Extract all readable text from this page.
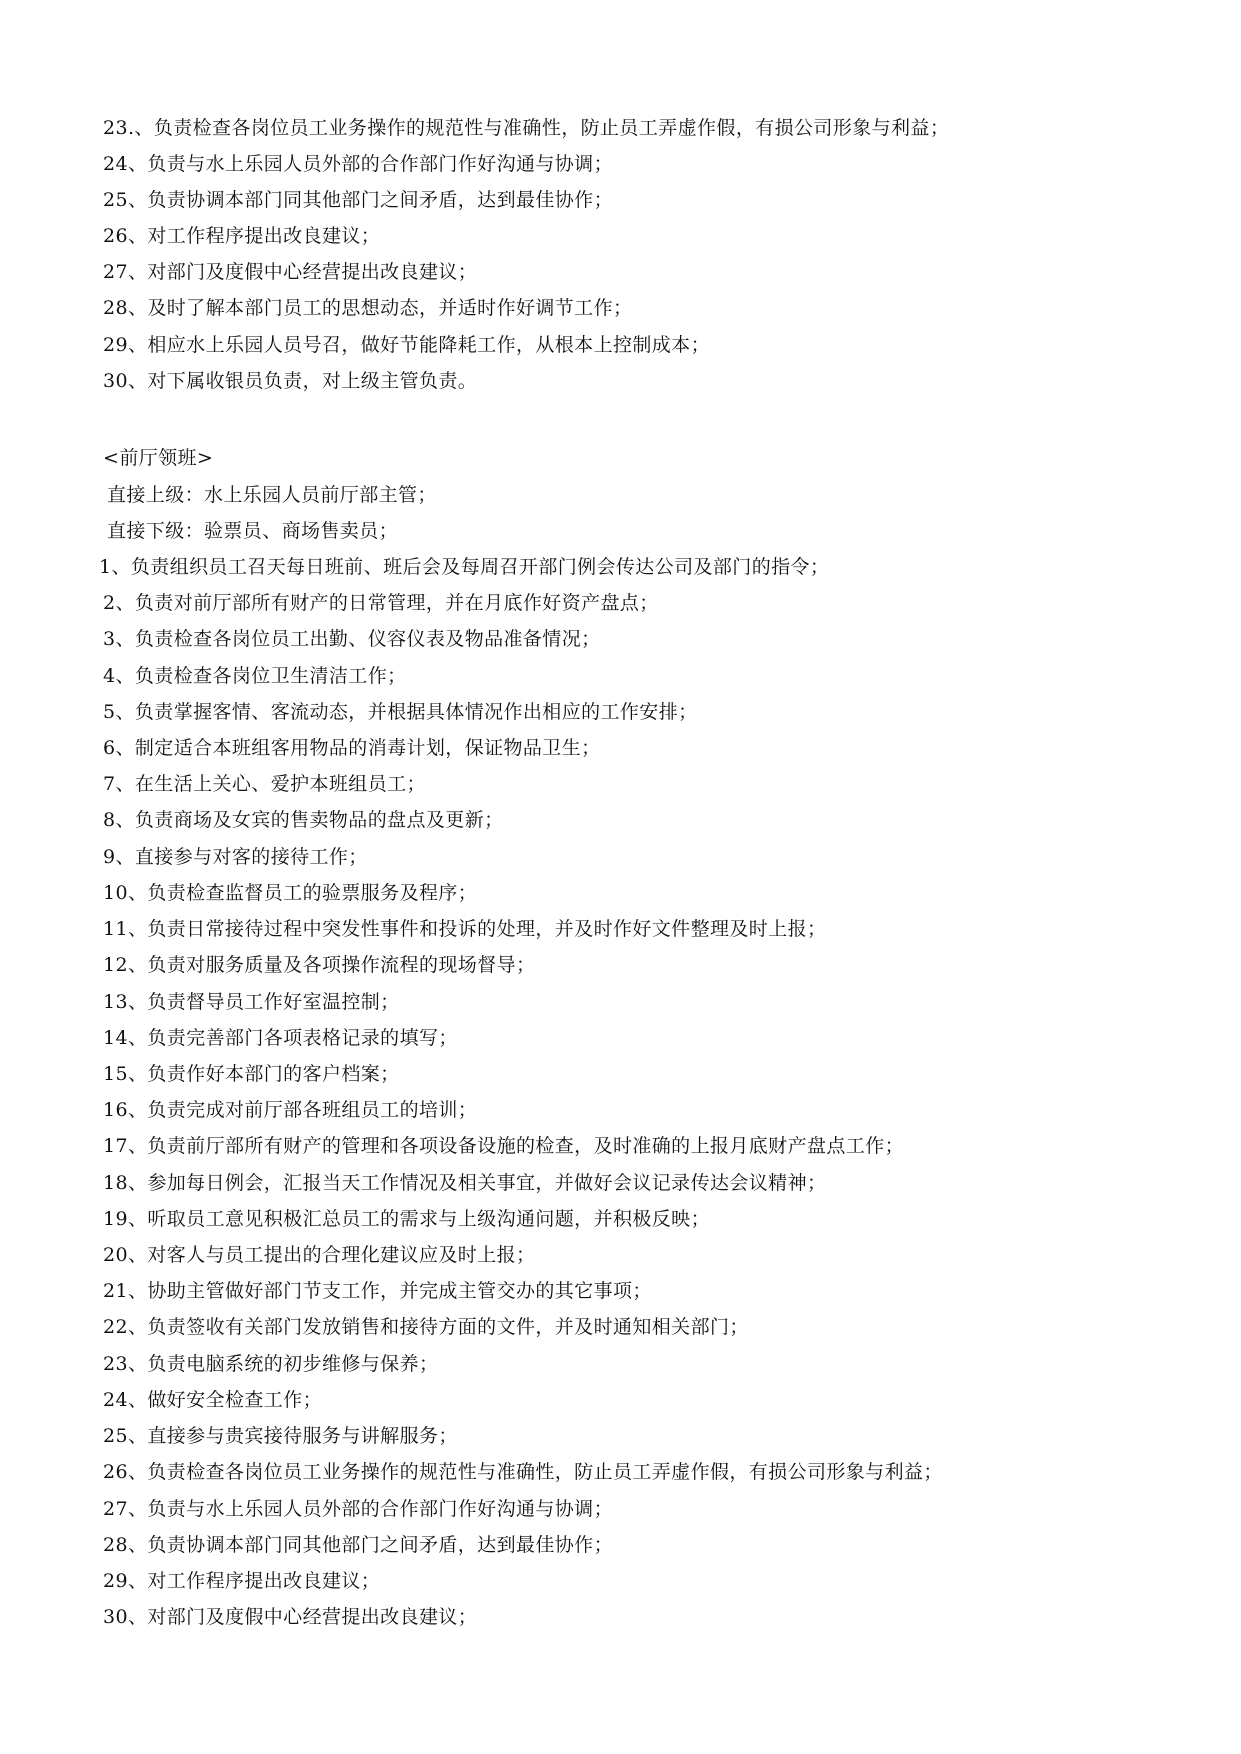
23.、负责检查各岗位员工业务操作的规范性与准确性，防止员工弄虚作假，有损公司形象与利益；
24、负责与水上乐园人员外部的合作部门作好沟通与协调；
25、负责协调本部门同其他部门之间矛盾，达到最佳协作；
26、对工作程序提出改良建议；
27、对部门及度假中心经营提出改良建议；
28、及时了解本部门员工的思想动态，并适时作好调节工作；
29、相应水上乐园人员号召，做好节能降耗工作，从根本上控制成本；
30、对下属收银员负责，对上级主管负责。
<前厅领班>
直接上级：水上乐园人员前厅部主管；
直接下级：验票员、商场售卖员；
1、负责组织员工召天每日班前、班后会及每周召开部门例会传达公司及部门的指令；
2、负责对前厅部所有财产的日常管理，并在月底作好资产盘点；
3、负责检查各岗位员工出勤、仪容仪表及物品准备情况；
4、负责检查各岗位卫生清洁工作；
5、负责掌握客情、客流动态，并根据具体情况作出相应的工作安排；
6、制定适合本班组客用物品的消毒计划，保证物品卫生；
7、在生活上关心、爱护本班组员工；
8、负责商场及女宾的售卖物品的盘点及更新；
9、直接参与对客的接待工作；
10、负责检查监督员工的验票服务及程序；
11、负责日常接待过程中突发性事件和投诉的处理，并及时作好文件整理及时上报；
12、负责对服务质量及各项操作流程的现场督导；
13、负责督导员工作好室温控制；
14、负责完善部门各项表格记录的填写；
15、负责作好本部门的客户档案；
16、负责完成对前厅部各班组员工的培训；
17、负责前厅部所有财产的管理和各项设备设施的检查，及时准确的上报月底财产盘点工作；
18、参加每日例会，汇报当天工作情况及相关事宜，并做好会议记录传达会议精神；
19、听取员工意见积极汇总员工的需求与上级沟通问题，并积极反映；
20、对客人与员工提出的合理化建议应及时上报；
21、协助主管做好部门节支工作，并完成主管交办的其它事项；
22、负责签收有关部门发放销售和接待方面的文件，并及时通知相关部门；
23、负责电脑系统的初步维修与保养；
24、做好安全检查工作；
25、直接参与贵宾接待服务与讲解服务；
26、负责检查各岗位员工业务操作的规范性与准确性，防止员工弄虚作假，有损公司形象与利益；
27、负责与水上乐园人员外部的合作部门作好沟通与协调；
28、负责协调本部门同其他部门之间矛盾，达到最佳协作；
29、对工作程序提出改良建议；
30、对部门及度假中心经营提出改良建议；
